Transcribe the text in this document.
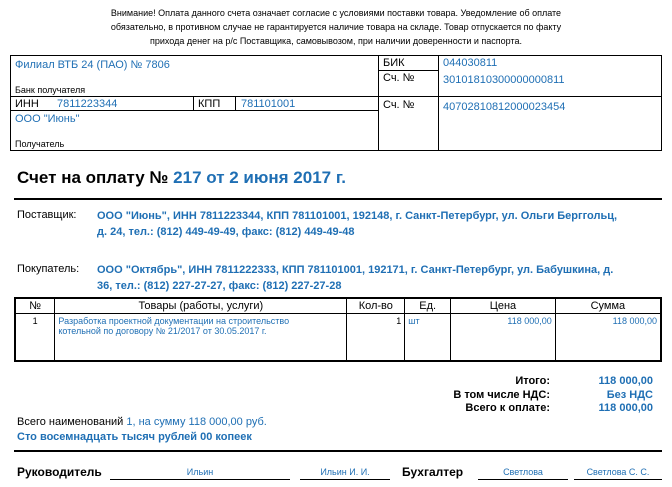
Внимание! Оплата данного счета означает согласие с условиями поставки товара. Уведомление об оплате
обязательно, в противном случае не гарантируется наличие товара на складе. Товар отпускается по факту
прихода денег на р/с Поставщика, самовывозом, при наличии доверенности и паспорта.
Филиал ВТБ 24 (ПАО) № 7806
Банк получателя
БИК	044030811
Сч. №	30101810300000000811
ИНН 7811223344	КПП 781101001	Сч. №	40702810812000023454
ООО "Июнь"
Получатель
Счет на оплату № 217 от 2 июня 2017 г.
Поставщик: ООО "Июнь", ИНН 7811223344, КПП 781101001, 192148, г. Санкт-Петербург, ул. Ольги Берггольц,
д. 24, тел.: (812) 449-49-49, факс: (812) 449-49-48
Покупатель: ООО "Октябрь", ИНН 7811222333, КПП 781101001, 192171, г. Санкт-Петербург, ул. Бабушкина, д.
36, тел.: (812) 227-27-27, факс: (812) 227-27-28
№	Товары (работы, услуги)	Кол-во	Ед.	Цена	Сумма
1	Разработка проектной документации на строительство
котельной по договору № 21/2017 от 30.05.2017 г.	1	шт	118 000,00	118 000,00
Итого:	118 000,00
В том числе НДС:	Без НДС
Всего к оплате:	118 000,00
Всего наименований 1, на сумму 118 000,00 руб.
Сто восемнадцать тысяч рублей 00 копеек
Руководитель	Ильин	Ильин И. И.	Бухгалтер	Светлова	Светлова С. С.
